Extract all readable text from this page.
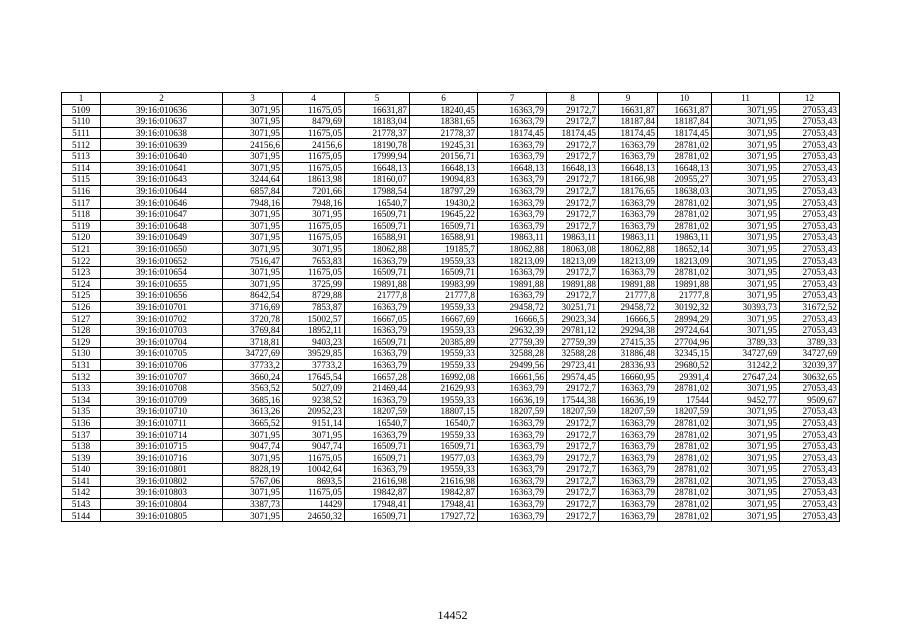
1	2	3	4	5	6	7	8	9	10	11	12
5109	39:16:010636	3071,95	11675,05	16631,87	18240,45	16363,79	29172,7	16631,87	16631,87	3071,95	27053,43
5110	39:16:010637	3071,95	8479,69	18183,04	18381,65	16363,79	29172,7	18187,84	18187,84	3071,95	27053,43
5111	39:16:010638	3071,95	11675,05	21778,37	21778,37	18174,45	18174,45	18174,45	18174,45	3071,95	27053,43
5112	39:16:010639	24156,6	24156,6	18190,78	19245,31	16363,79	29172,7	16363,79	28781,02	3071,95	27053,43
5113	39:16:010640	3071,95	11675,05	17999,94	20156,71	16363,79	29172,7	16363,79	28781,02	3071,95	27053,43
5114	39:16:010641	3071,95	11675,05	16648,13	16648,13	16648,13	16648,13	16648,13	16648,13	3071,95	27053,43
5115	39:16:010643	3244,64	18613,98	18160,07	19094,83	16363,79	29172,7	18166,98	20955,27	3071,95	27053,43
5116	39:16:010644	6857,84	7201,66	17988,54	18797,29	16363,79	29172,7	18176,65	18638,03	3071,95	27053,43
5117	39:16:010646	7948,16	7948,16	16540,7	19430,2	16363,79	29172,7	16363,79	28781,02	3071,95	27053,43
5118	39:16:010647	3071,95	3071,95	16509,71	19645,22	16363,79	29172,7	16363,79	28781,02	3071,95	27053,43
5119	39:16:010648	3071,95	11675,05	16509,71	16509,71	16363,79	29172,7	16363,79	28781,02	3071,95	27053,43
5120	39:16:010649	3071,95	11675,05	16588,91	16588,91	19863,11	19863,11	19863,11	19863,11	3071,95	27053,43
5121	39:16:010650	3071,95	3071,95	18062,88	19185,7	18062,88	18063,08	18062,88	18652,14	3071,95	27053,43
5122	39:16:010652	7516,47	7653,83	16363,79	19559,33	18213,09	18213,09	18213,09	18213,09	3071,95	27053,43
5123	39:16:010654	3071,95	11675,05	16509,71	16509,71	16363,79	29172,7	16363,79	28781,02	3071,95	27053,43
5124	39:16:010655	3071,95	3725,99	19891,88	19983,99	19891,88	19891,88	19891,88	19891,88	3071,95	27053,43
5125	39:16:010656	8642,54	8729,88	21777,8	21777,8	16363,79	29172,7	21777,8	21777,8	3071,95	27053,43
5126	39:16:010701	3716,69	7853,87	16363,79	19559,33	29458,72	30251,71	29458,72	30192,32	30393,73	31672,52
5127	39:16:010702	3720,78	15002,57	16667,05	16667,69	16666,5	29023,34	16666,5	28994,29	3071,95	27053,43
5128	39:16:010703	3769,84	18952,11	16363,79	19559,33	29632,39	29781,12	29294,38	29724,64	3071,95	27053,43
5129	39:16:010704	3718,81	9403,23	16509,71	20385,89	27759,39	27759,39	27415,35	27704,96	3789,33	3789,33
5130	39:16:010705	34727,69	39529,85	16363,79	19559,33	32588,28	32588,28	31886,48	32345,15	34727,69	34727,69
5131	39:16:010706	37733,2	37733,2	16363,79	19559,33	29499,56	29723,41	28336,93	29680,52	31242,2	32039,37
5132	39:16:010707	3660,24	17645,54	16657,28	16992,08	16661,56	29574,45	16660,95	29391,4	27647,24	30632,65
5133	39:16:010708	3563,52	5027,09	21469,44	21629,93	16363,79	29172,7	16363,79	28781,02	3071,95	27053,43
5134	39:16:010709	3685,16	9238,52	16363,79	19559,33	16636,19	17544,38	16636,19	17544	9452,77	9509,67
5135	39:16:010710	3613,26	20952,23	18207,59	18807,15	18207,59	18207,59	18207,59	18207,59	3071,95	27053,43
5136	39:16:010711	3665,52	9151,14	16540,7	16540,7	16363,79	29172,7	16363,79	28781,02	3071,95	27053,43
5137	39:16:010714	3071,95	3071,95	16363,79	19559,33	16363,79	29172,7	16363,79	28781,02	3071,95	27053,43
5138	39:16:010715	9047,74	9047,74	16509,71	16509,71	16363,79	29172,7	16363,79	28781,02	3071,95	27053,43
5139	39:16:010716	3071,95	11675,05	16509,71	19577,03	16363,79	29172,7	16363,79	28781,02	3071,95	27053,43
5140	39:16:010801	8828,19	10042,64	16363,79	19559,33	16363,79	29172,7	16363,79	28781,02	3071,95	27053,43
5141	39:16:010802	5767,06	8693,5	21616,98	21616,98	16363,79	29172,7	16363,79	28781,02	3071,95	27053,43
5142	39:16:010803	3071,95	11675,05	19842,87	19842,87	16363,79	29172,7	16363,79	28781,02	3071,95	27053,43
5143	39:16:010804	3387,73	14429	17948,41	17948,41	16363,79	29172,7	16363,79	28781,02	3071,95	27053,43
5144	39:16:010805	3071,95	24650,32	16509,71	17927,72	16363,79	29172,7	16363,79	28781,02	3071,95	27053,43
14452
